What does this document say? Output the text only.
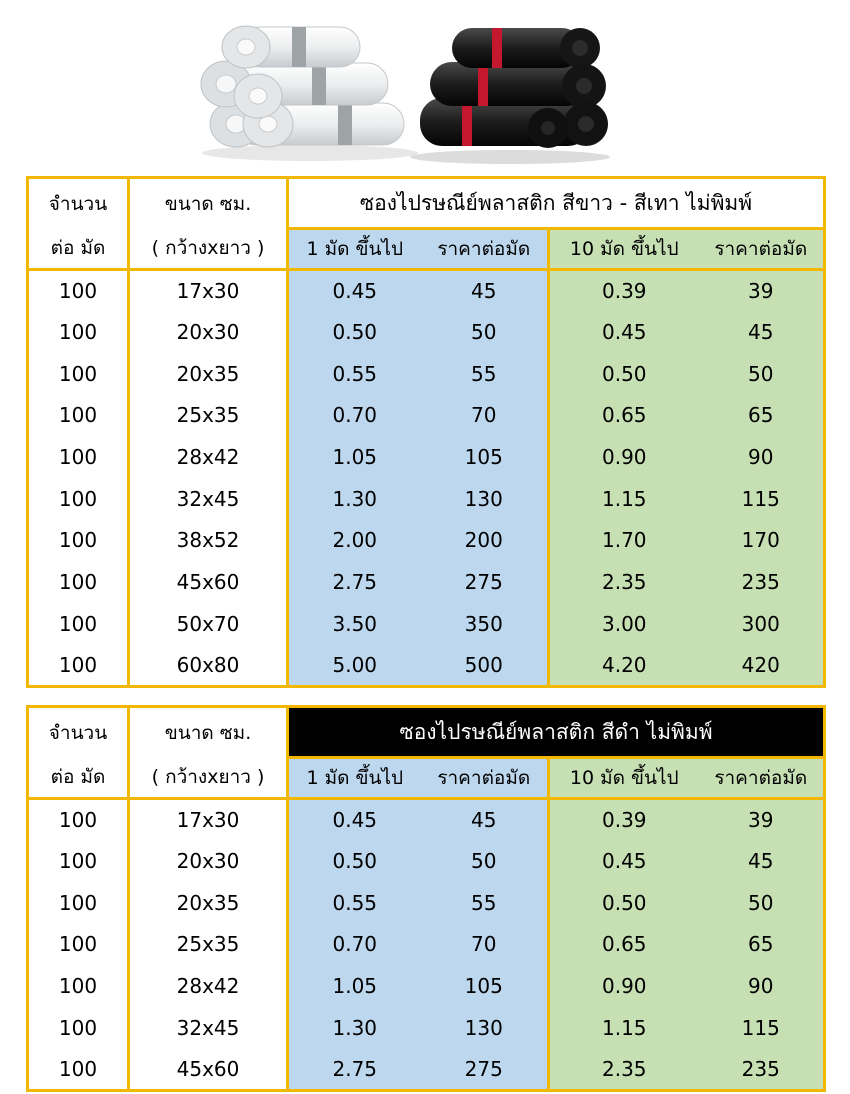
จำนวน	ขนาด ซม.	ซองไปรษณีย์พลาสติก สีขาว - สีเทา ไม่พิมพ์			
ต่อ มัด	( กว้างxยาว )	1 มัด ขึ้นไป	ราคาต่อมัด	10 มัด ขึ้นไป	ราคาต่อมัด
100	17x30	0.45	45	0.39	39
100	20x30	0.50	50	0.45	45
100	20x35	0.55	55	0.50	50
100	25x35	0.70	70	0.65	65
100	28x42	1.05	105	0.90	90
100	32x45	1.30	130	1.15	115
100	38x52	2.00	200	1.70	170
100	45x60	2.75	275	2.35	235
100	50x70	3.50	350	3.00	300
100	60x80	5.00	500	4.20	420
จำนวน	ขนาด ซม.	ซองไปรษณีย์พลาสติก สีดำ ไม่พิมพ์			
ต่อ มัด	( กว้างxยาว )	1 มัด ขึ้นไป	ราคาต่อมัด	10 มัด ขึ้นไป	ราคาต่อมัด
100	17x30	0.45	45	0.39	39
100	20x30	0.50	50	0.45	45
100	20x35	0.55	55	0.50	50
100	25x35	0.70	70	0.65	65
100	28x42	1.05	105	0.90	90
100	32x45	1.30	130	1.15	115
100	45x60	2.75	275	2.35	235
